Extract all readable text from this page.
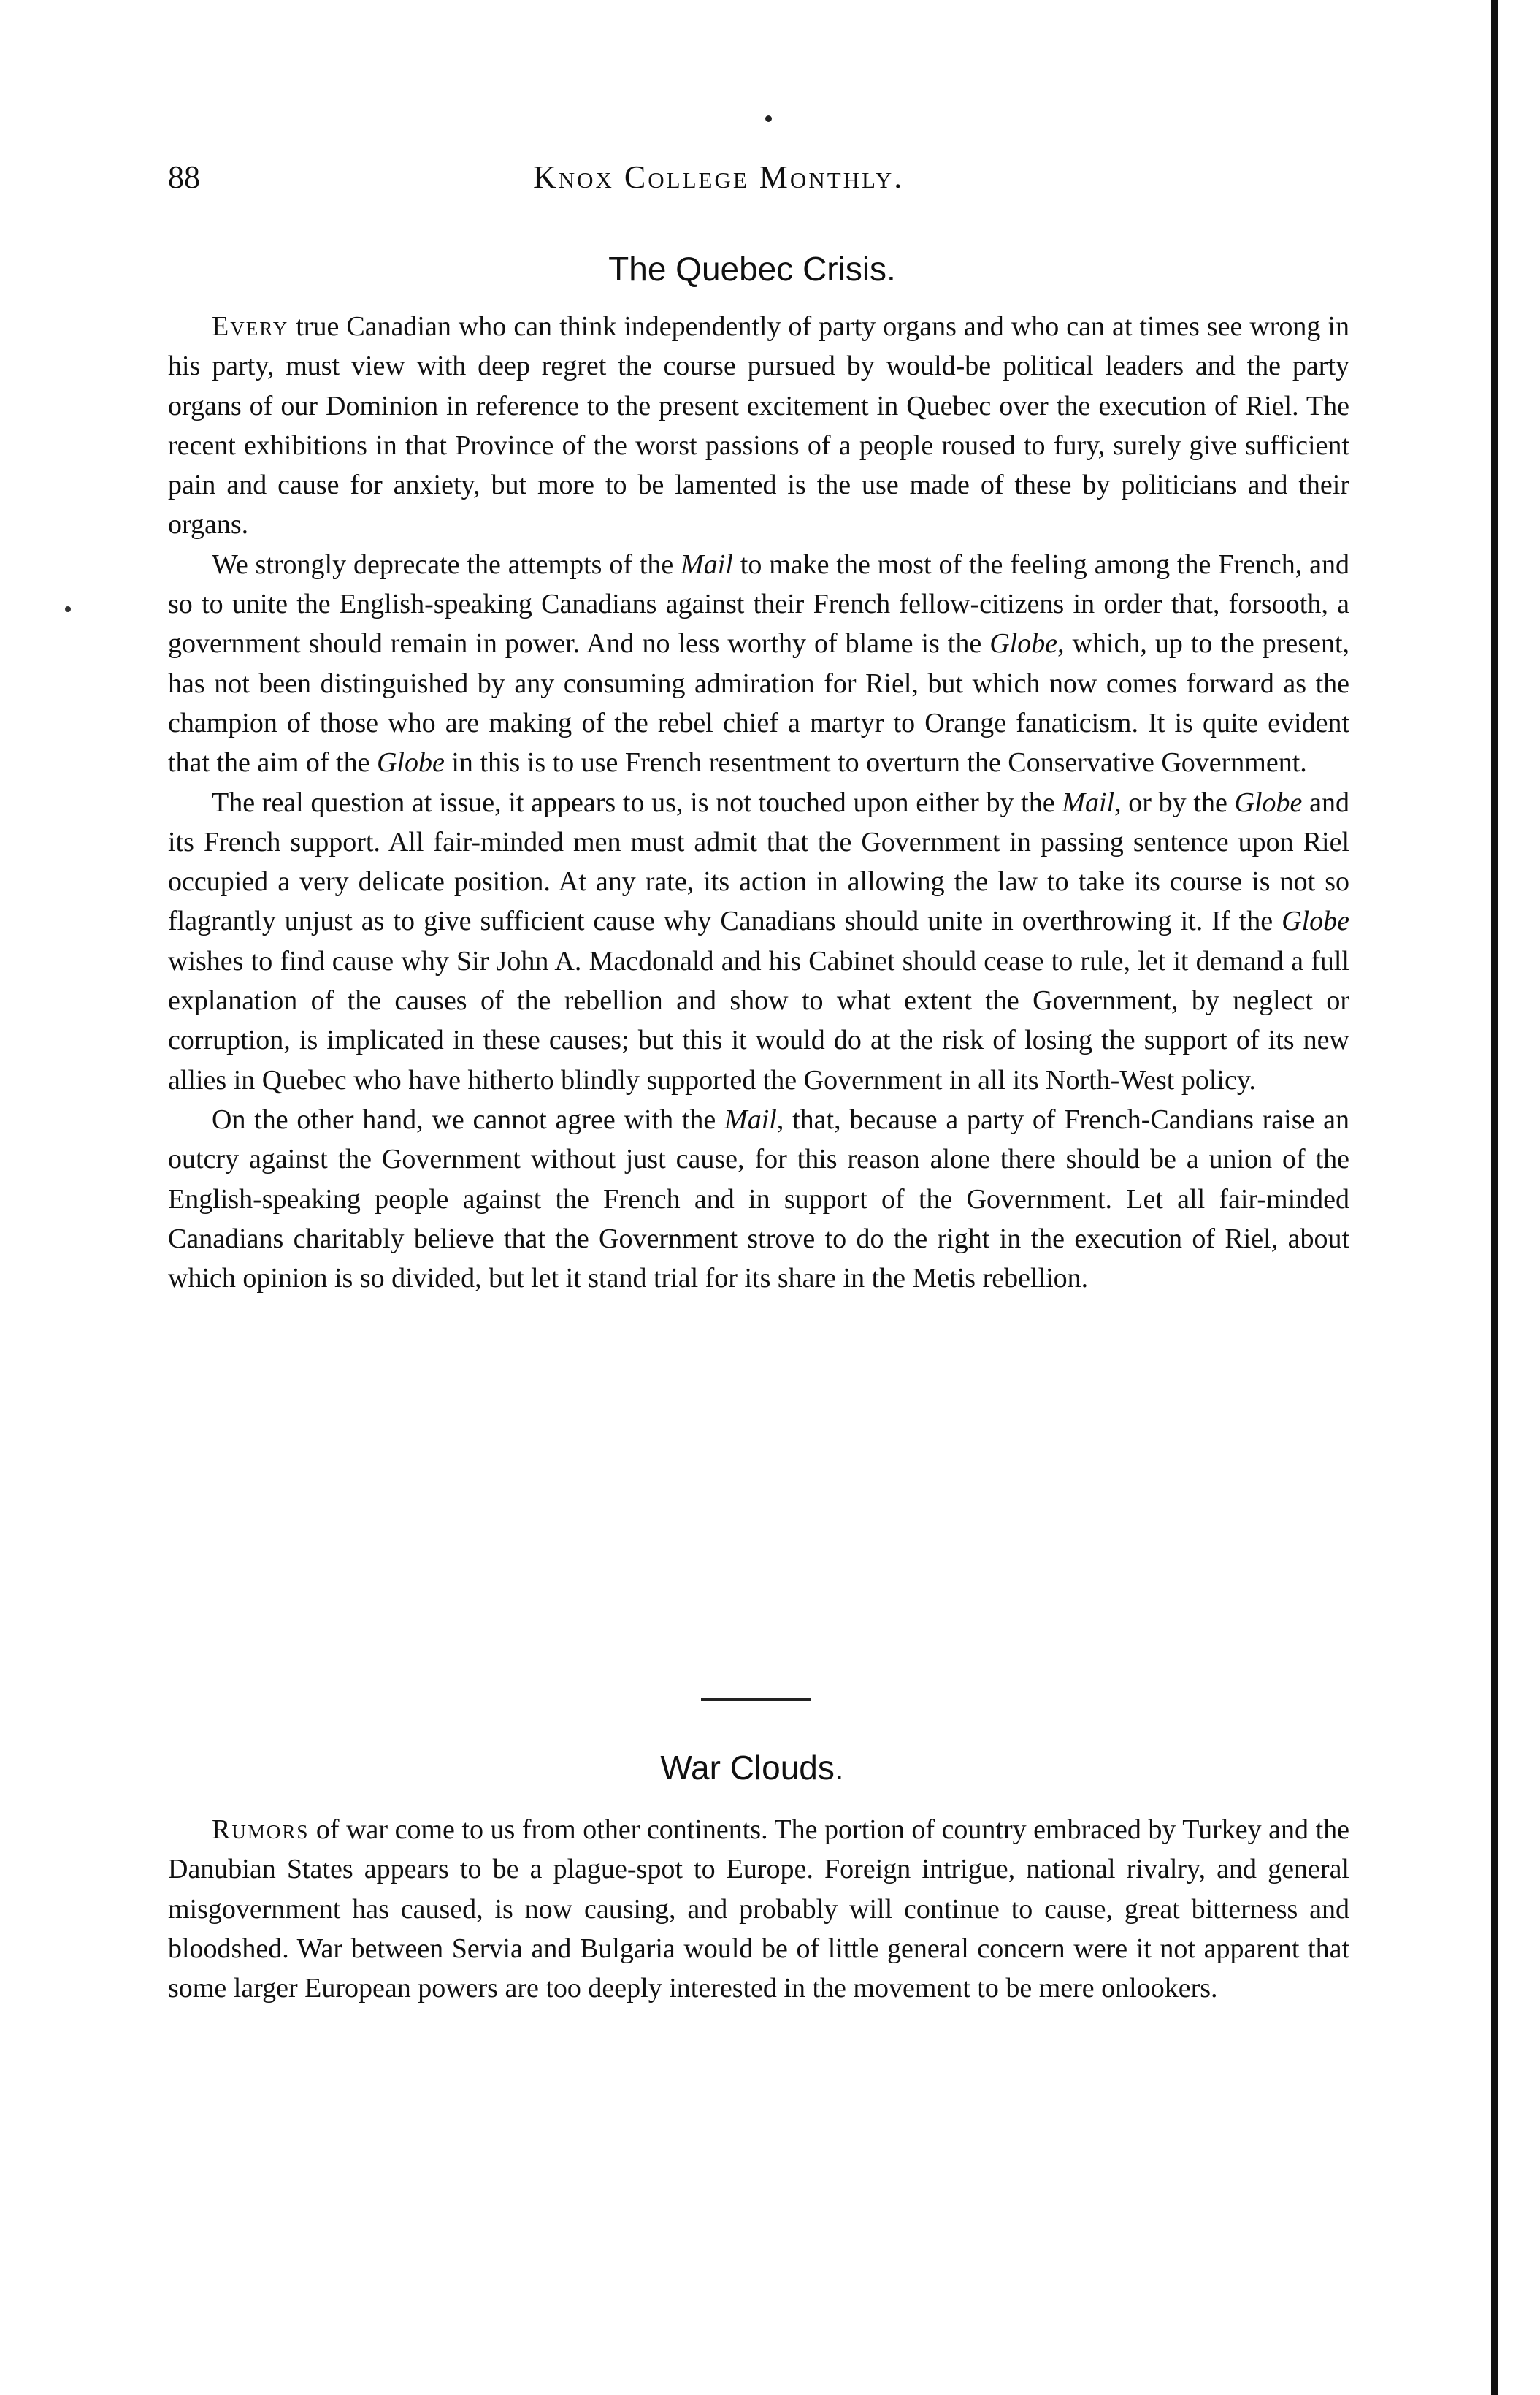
88	Knox College Monthly.
The Quebec Crisis.

Every true Canadian who can think independently of party organs and who can at times see wrong in his party, must view with deep regret the course pursued by would-be political leaders and the party organs of our Dominion in reference to the present excitement in Quebec over the execution of Riel. The recent exhibitions in that Province of the worst passions of a people roused to fury, surely give sufficient pain and cause for anxiety, but more to be lamented is the use made of these by politicians and their organs.

We strongly deprecate the attempts of the Mail to make the most of the feeling among the French, and so to unite the English-speaking Canadians against their French fellow-citizens in order that, forsooth, a government should remain in power. And no less worthy of blame is the Globe, which, up to the present, has not been distinguished by any consuming admiration for Riel, but which now comes forward as the champion of those who are making of the rebel chief a martyr to Orange fanaticism. It is quite evident that the aim of the Globe in this is to use French resentment to overturn the Conservative Government.

The real question at issue, it appears to us, is not touched upon either by the Mail, or by the Globe and its French support. All fair-minded men must admit that the Government in passing sentence upon Riel occupied a very delicate position. At any rate, its action in allowing the law to take its course is not so flagrantly unjust as to give sufficient cause why Canadians should unite in overthrowing it. If the Globe wishes to find cause why Sir John A. Macdonald and his Cabinet should cease to rule, let it demand a full explanation of the causes of the rebellion and show to what extent the Government, by neglect or corruption, is implicated in these causes; but this it would do at the risk of losing the support of its new allies in Quebec who have hitherto blindly supported the Government in all its North-West policy.

On the other hand, we cannot agree with the Mail, that, because a party of French-Candians raise an outcry against the Government without just cause, for this reason alone there should be a union of the English-speaking people against the French and in support of the Government. Let all fair-minded Canadians charitably believe that the Government strove to do the right in the execution of Riel, about which opinion is so divided, but let it stand trial for its share in the Metis rebellion.

War Clouds.

Rumors of war come to us from other continents. The portion of country embraced by Turkey and the Danubian States appears to be a plague-spot to Europe. Foreign intrigue, national rivalry, and general misgovernment has caused, is now causing, and probably will continue to cause, great bitterness and bloodshed. War between Servia and Bulgaria would be of little general concern were it not apparent that some larger European powers are too deeply interested in the movement to be mere onlookers.
